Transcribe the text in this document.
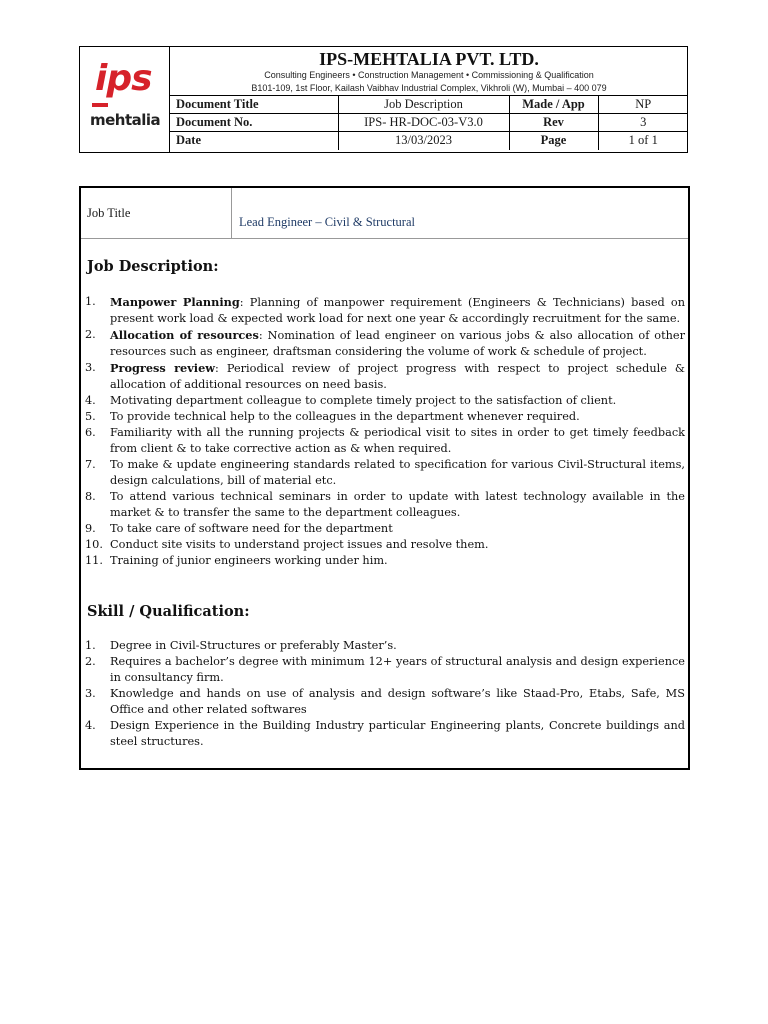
ips
mehtalia
IPS-MEHTALIA PVT. LTD.
Consulting Engineers • Construction Management • Commissioning & Qualification
B101-109, 1st Floor, Kailash Vaibhav Industrial Complex, Vikhroli (W), Mumbai – 400 079
Document Title	Job Description	Made / App	NP
Document No.	IPS- HR-DOC-03-V3.0	Rev	3
Date	13/03/2023	Page	1 of 1
Job Title
Lead Engineer – Civil & Structural
Job Description:
1. Manpower Planning: Planning of manpower requirement (Engineers & Technicians) based on present work load & expected work load for next one year & accordingly recruitment for the same.
2. Allocation of resources: Nomination of lead engineer on various jobs & also allocation of other resources such as engineer, draftsman considering the volume of work & schedule of project.
3. Progress review: Periodical review of project progress with respect to project schedule & allocation of additional resources on need basis.
4. Motivating department colleague to complete timely project to the satisfaction of client.
5. To provide technical help to the colleagues in the department whenever required.
6. Familiarity with all the running projects & periodical visit to sites in order to get timely feedback from client & to take corrective action as & when required.
7. To make & update engineering standards related to specification for various Civil-Structural items, design calculations, bill of material etc.
8. To attend various technical seminars in order to update with latest technology available in the market & to transfer the same to the department colleagues.
9. To take care of software need for the department
10. Conduct site visits to understand project issues and resolve them.
11. Training of junior engineers working under him.
Skill / Qualification:
1. Degree in Civil-Structures or preferably Master’s.
2. Requires a bachelor’s degree with minimum 12+ years of structural analysis and design experience in consultancy firm.
3. Knowledge and hands on use of analysis and design software’s like Staad-Pro, Etabs, Safe, MS Office and other related softwares
4. Design Experience in the Building Industry particular Engineering plants, Concrete buildings and steel structures.
